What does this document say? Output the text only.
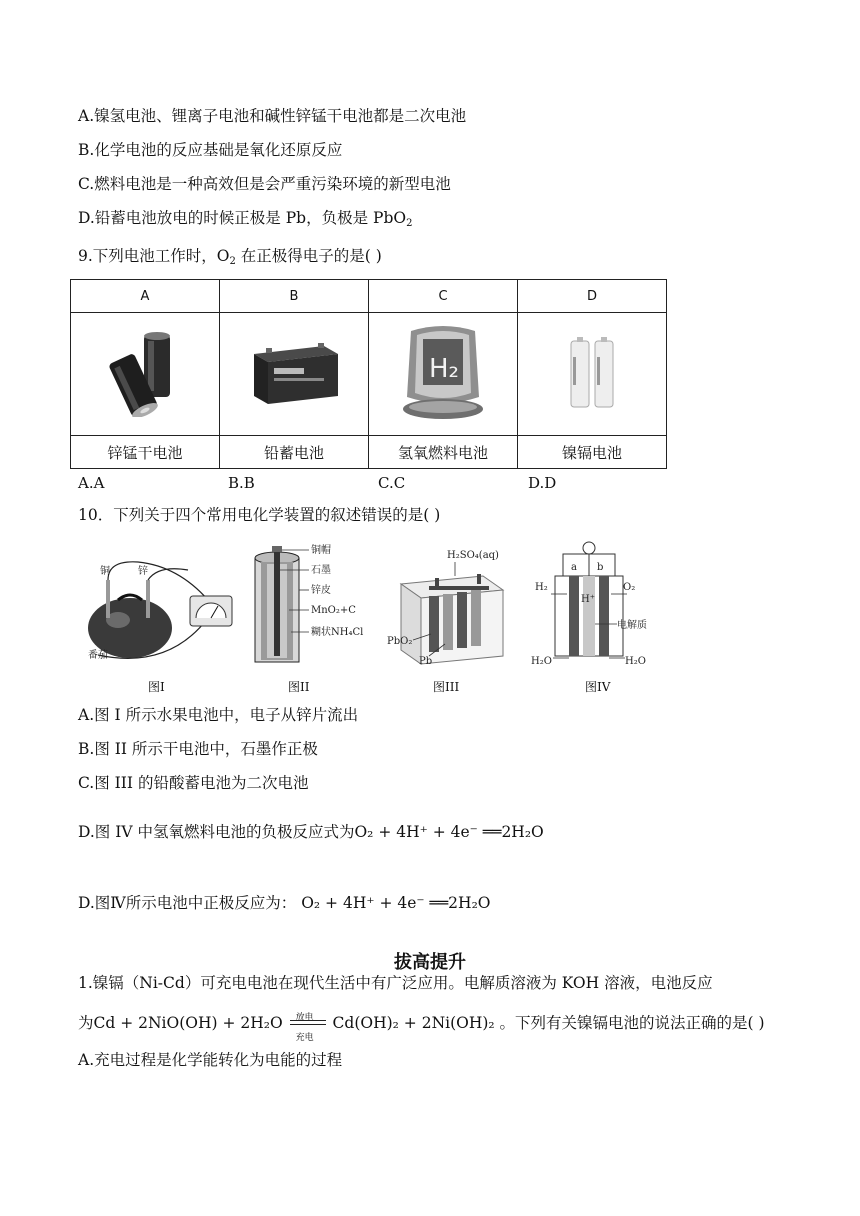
A.镍氢电池、锂离子电池和碱性锌锰干电池都是二次电池
B.化学电池的反应基础是氧化还原反应
C.燃料电池是一种高效但是会严重污染环境的新型电池
D.铅蓄电池放电的时候正极是 Pb，负极是 PbO$_2$
9.下列电池工作时，$O_2$ 在正极得电子的是( )
A	B	C	D

H₂

锌锰干电池	铅蓄电池	氢氧燃料电池	镍镉电池
A.A	B.B	C.C	D.D
10．下列关于四个常用电化学装置的叙述错误的是( )
铜	锌
番茄
图I
铜帽
石墨
锌皮
MnO₂+C
糊状NH₄Cl
图II
H₂SO₄(aq)
PbO₂
Pb
图III
a b
H₂	O₂
H⁺
电解质
H₂O	H₂O
图IV
A.图 I 所示水果电池中，电子从锌片流出
B.图 II 所示干电池中，石墨作正极
C.图 III 的铅酸蓄电池为二次电池
D.图 IV 中氢氧燃料电池的负极反应式为O₂ + 4H⁺ + 4e⁻ ══2H₂O
D.图Ⅳ所示电池中正极反应为： O₂ + 4H⁺ + 4e⁻ ══2H₂O
拔高提升
1.镍镉（Ni-Cd）可充电电池在现代生活中有广泛应用。电解质溶液为 KOH 溶液，电池反应
为Cd + 2NiO(OH) + 2H₂O 放电
充电
Cd(OH)₂ + 2Ni(OH)₂ 。下列有关镍镉电池的说法正确的是( )
A.充电过程是化学能转化为电能的过程
